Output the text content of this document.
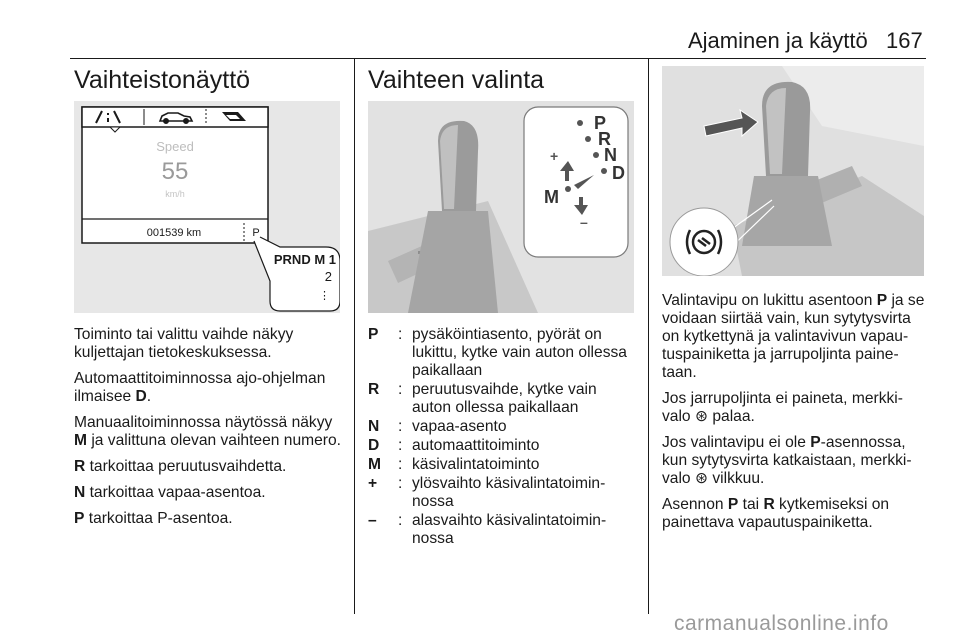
Ajaminen ja käyttö 167
Vaihteistonäyttö
Speed
55
km/h
001539 km	P
PRND M 1
2
⋮

Toiminto tai valittu vaihde näkyy kuljettajan tietokeskuksessa.

Automaattitoiminnossa ajo-ohjelman ilmaisee D.

Manuaalitoiminnossa näytössä näkyy M ja valittuna olevan vaihteen numero.

R tarkoittaa peruutusvaihdetta.

N tarkoittaa vapaa-asentoa.

P tarkoittaa P-asentoa.

Vaihteen valinta
P
R
N
D
M
+
–
P	: pysäköintiasento, pyörät on lukittu, kytke vain auton ollessa paikallaan
R	: peruutusvaihde, kytke vain auton ollessa paikallaan
N	: vapaa-asento
D	: automaattitoiminto
M	: käsivalintatoiminto
+	: ylösvaihto käsivalintatoimin-nossa
–	: alasvaihto käsivalintatoimin-nossa

Valintavipu on lukittu asentoon P ja se voidaan siirtää vain, kun sytytysvirta on kytkettynä ja valintavivun vapau-tuspainiketta ja jarrupoljinta paine-taan.

Jos jarrupoljinta ei paineta, merkki-valo ⊛ palaa.

Jos valintavipu ei ole P-asennossa, kun sytytysvirta katkaistaan, merkki-valo ⊛ vilkkuu.

Asennon P tai R kytkemiseksi on painettava vapautuspainiketta.

carmanualsonline.info
